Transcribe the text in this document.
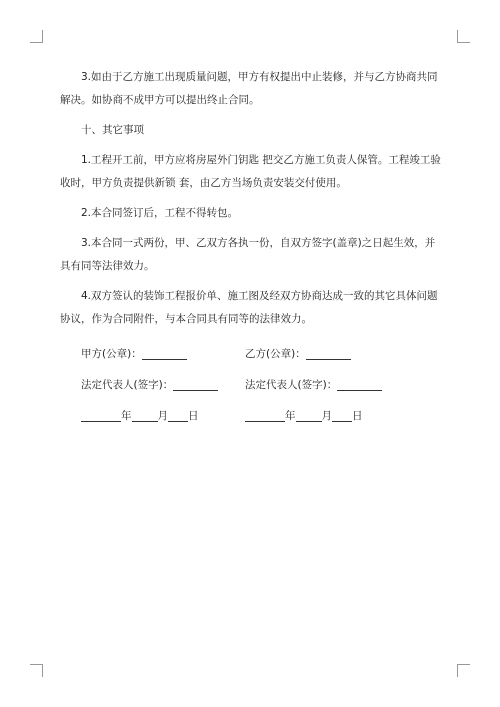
3.如由于乙方施工出现质量问题，甲方有权提出中止装修，并与乙方协商共同解决。如协商不成甲方可以提出终止合同。

十、其它事项

1.工程开工前，甲方应将房屋外门钥匙 把交乙方施工负责人保管。工程竣工验收时，甲方负责提供新锁 套，由乙方当场负责安装交付使用。

2.本合同签订后，工程不得转包。

3.本合同一式两份，甲、乙双方各执一份，自双方签字(盖章)之日起生效，并具有同等法律效力。

4.双方签认的装饰工程报价单、施工图及经双方协商达成一致的其它具体问题协议，作为合同附件，与本合同具有同等的法律效力。

甲方(公章)：	乙方(公章)：
法定代表人(签字)：	法定代表人(签字)：
年 月 日	年 月 日
